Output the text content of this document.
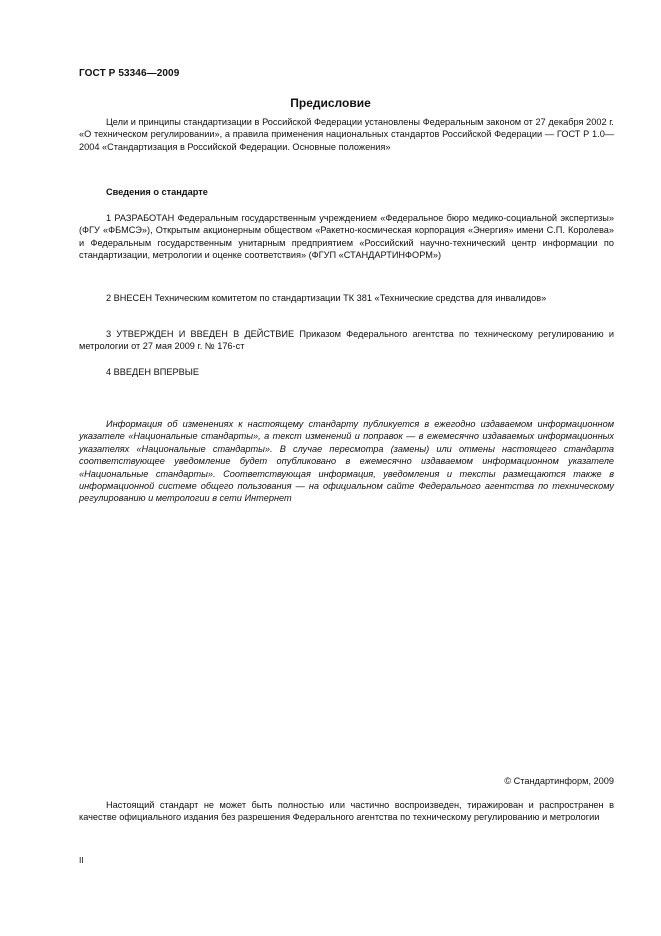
ГОСТ Р 53346—2009
Предисловие

Цели и принципы стандартизации в Российской Федерации установлены Федеральным законом от 27 декабря 2002 г. «О техническом регулировании», а правила применения национальных стандартов Российской Федерации — ГОСТ Р 1.0—2004 «Стандартизация в Российской Федерации. Основные положения»

Сведения о стандарте

1 РАЗРАБОТАН Федеральным государственным учреждением «Федеральное бюро медико-социальной экспертизы» (ФГУ «ФБМСЭ»), Открытым акционерным обществом «Ракетно-космическая корпорация «Энергия» имени С.П. Королева» и Федеральным государственным унитарным предприятием «Российский научно-технический центр информации по стандартизации, метрологии и оценке соответствия» (ФГУП «СТАНДАРТИНФОРМ»)

2 ВНЕСЕН Техническим комитетом по стандартизации ТК 381 «Технические средства для инвалидов»

3 УТВЕРЖДЕН И ВВЕДЕН В ДЕЙСТВИЕ Приказом Федерального агентства по техническому регулированию и метрологии от 27 мая 2009 г. № 176-ст

4 ВВЕДЕН ВПЕРВЫЕ

Информация об изменениях к настоящему стандарту публикуется в ежегодно издаваемом информационном указателе «Национальные стандарты», а текст изменений и поправок — в ежемесячно издаваемых информационных указателях «Национальные стандарты». В случае пересмотра (замены) или отмены настоящего стандарта соответствующее уведомление будет опубликовано в ежемесячно издаваемом информационном указателе «Национальные стандарты». Соответствующая информация, уведомления и тексты размещаются также в информационной системе общего пользования — на официальном сайте Федерального агентства по техническому регулированию и метрологии в сети Интернет

© Стандартинформ, 2009

Настоящий стандарт не может быть полностью или частично воспроизведен, тиражирован и распространен в качестве официального издания без разрешения Федерального агентства по техническому регулированию и метрологии

II
